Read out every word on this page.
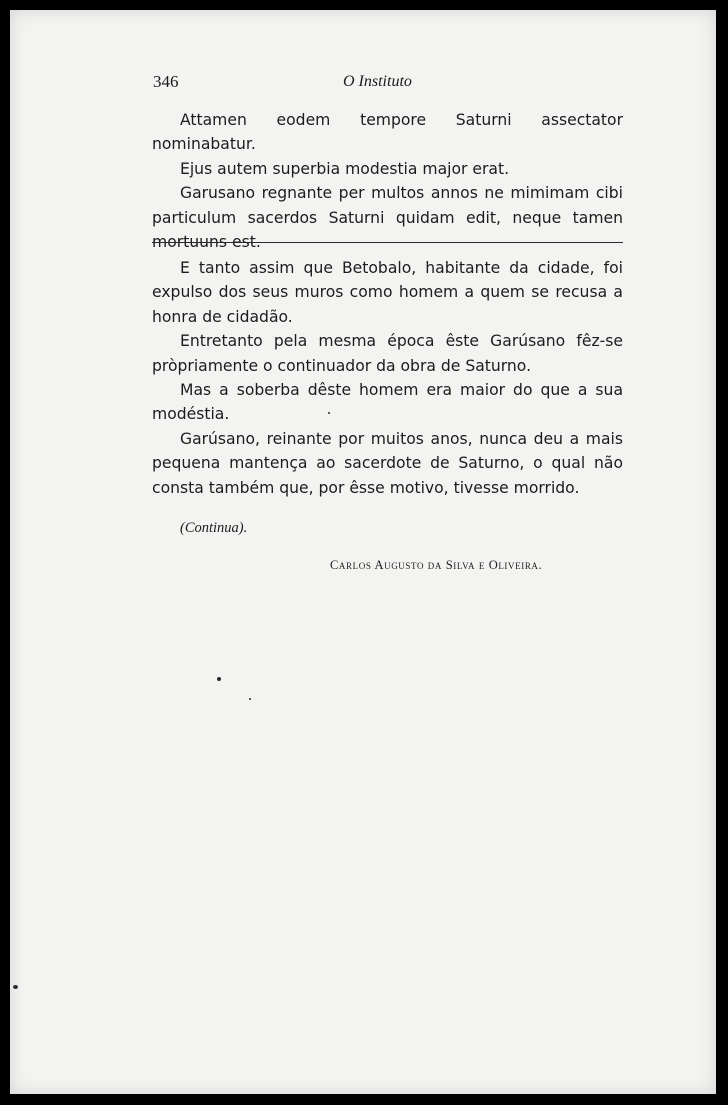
346	O Instituto

Attamen eodem tempore Saturni assectator nominabatur.

Ejus autem superbia modestia major erat.

Garusano regnante per multos annos ne mimimam cibi particulum sacerdos Saturni quidam edit, neque tamen mortuuns est.

E tanto assim que Betobalo, habitante da cidade, foi expulso dos seus muros como homem a quem se recusa a honra de cidadão.

Entretanto pela mesma época êste Garúsano fêz-se pròpriamente o continuador da obra de Saturno.

Mas a soberba dêste homem era maior do que a sua modéstia.

Garúsano, reinante por muitos anos, nunca deu a mais pequena mantença ao sacerdote de Saturno, o qual não consta também que, por êsse motivo, tivesse morrido.

(Continua).
Carlos Augusto da Silva e Oliveira.
